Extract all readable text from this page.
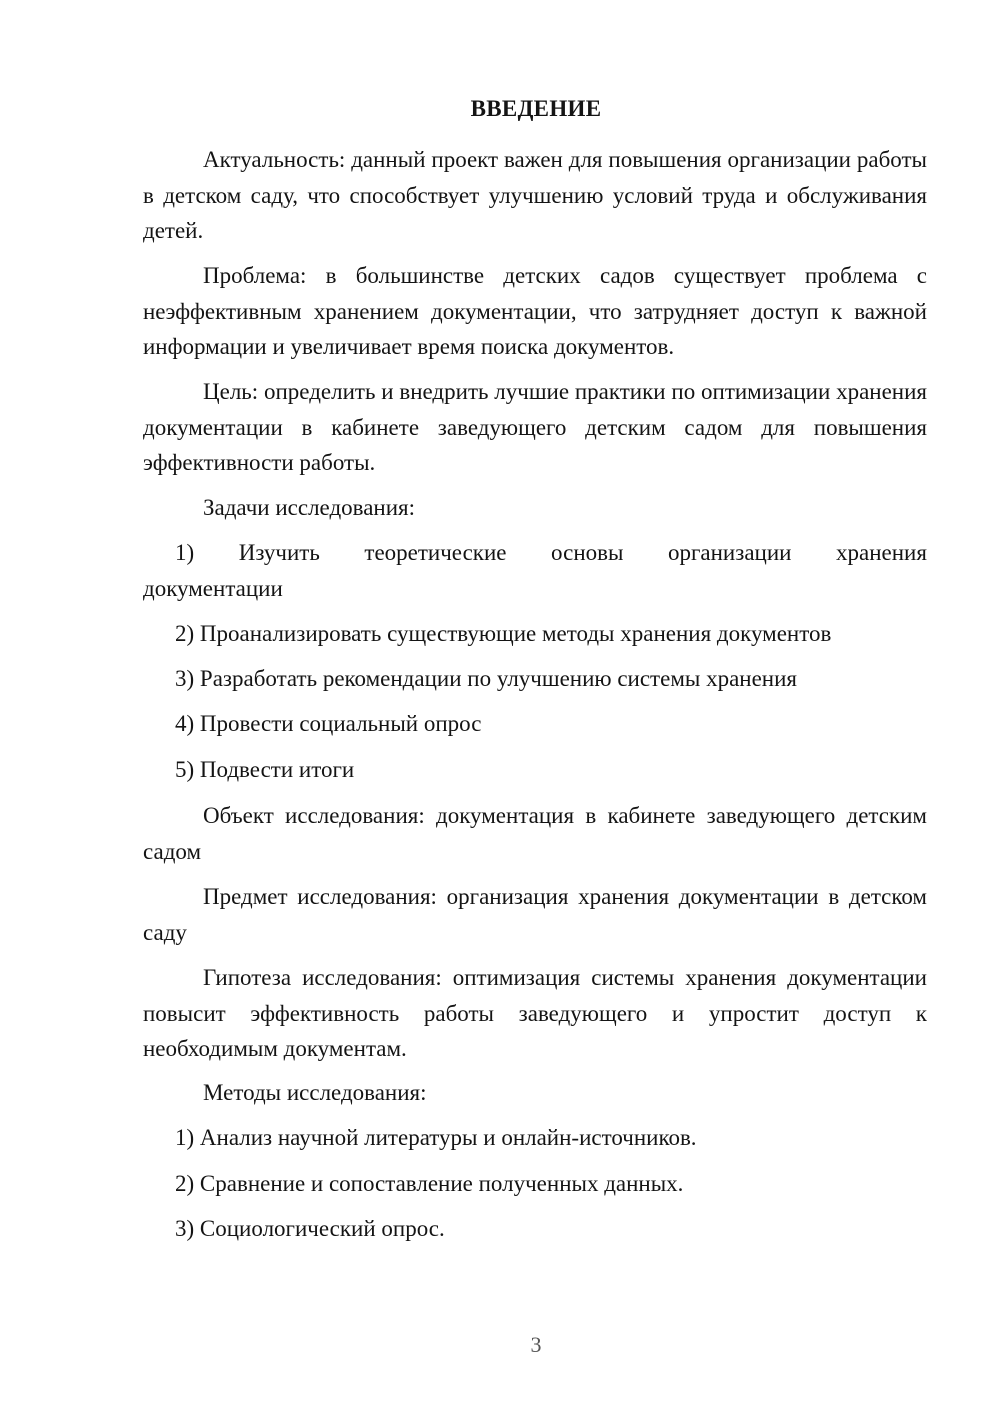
ВВЕДЕНИЕ

Актуальность: данный проект важен для повышения организации работы в детском саду, что способствует улучшению условий труда и обслуживания детей.

Проблема: в большинстве детских садов существует проблема с неэффективным хранением документации, что затрудняет доступ к важной информации и увеличивает время поиска документов.

Цель: определить и внедрить лучшие практики по оптимизации хранения документации в кабинете заведующего детским садом для повышения эффективности работы.

Задачи исследования:

1) Изучить теоретические основы организации хранения
документации

2) Проанализировать существующие методы хранения документов

3) Разработать рекомендации по улучшению системы хранения

4) Провести социальный опрос

5) Подвести итоги

Объект исследования: документация в кабинете заведующего детским садом

Предмет исследования: организация хранения документации в детском саду

Гипотеза исследования: оптимизация системы хранения документации повысит эффективность работы заведующего и упростит доступ к необходимым документам.

Методы исследования:

1) Анализ научной литературы и онлайн-источников.

2) Сравнение и сопоставление полученных данных.

3) Социологический опрос.

3
